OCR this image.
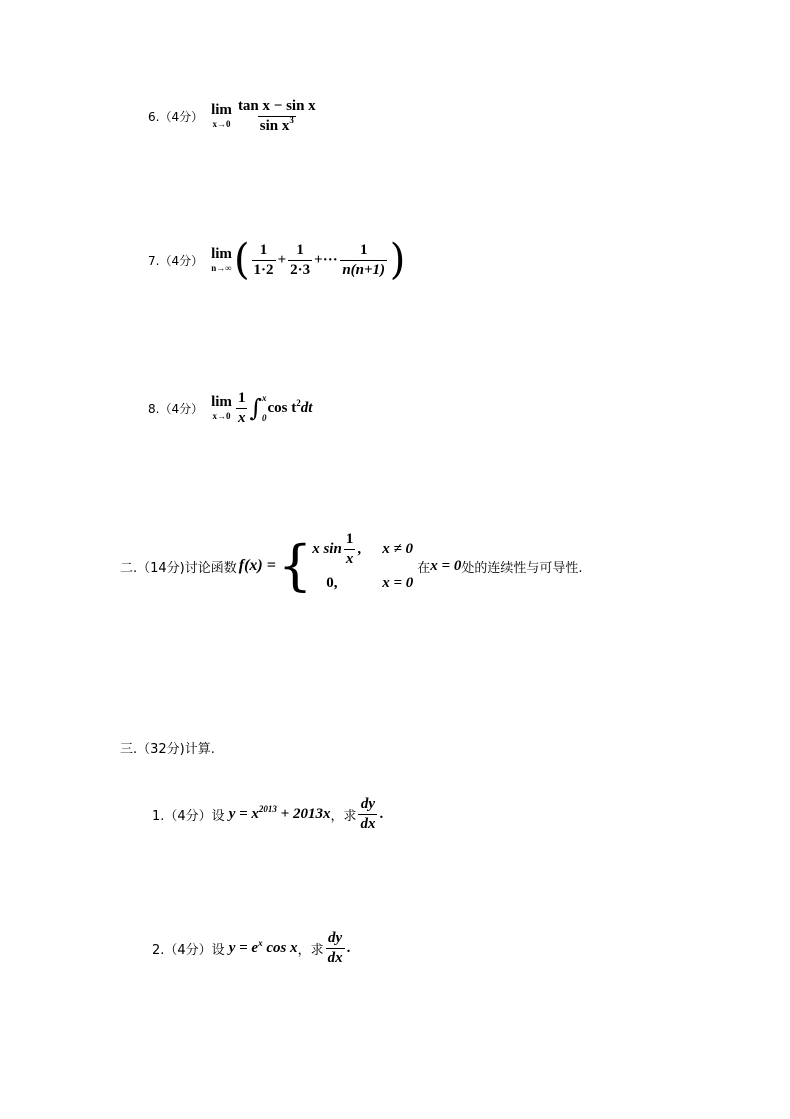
6.（4分） lim
$x\to 0 \frac{\text{tan x − sin x}}{\sin x^3}$
7.（4分） lim
n→∞ ( $\frac{1}{1\cdot 2} + \frac{1}{2\cdot 3}$ +··· $\frac{1}{n(n+1)}$ )
8.（4分） lim
$x\to 0 \frac{1}{x}$ ∫ x
0
$\cos t^2dt$
二.（14分)讨论函数 f(x) = { x $\sin \frac{1}{x}$ , x ≠ 0
0,	x = 0
在 x = 0 处的连续性与可导性.
三.（32分)计算.
1.（4分）设 $y = x^{2013} + 2013x$ ，求 $\frac{dy}{dx}$ .
2.（4分）设 $y = e^x$ cos x ，求 $\frac{dy}{dx}$ .
